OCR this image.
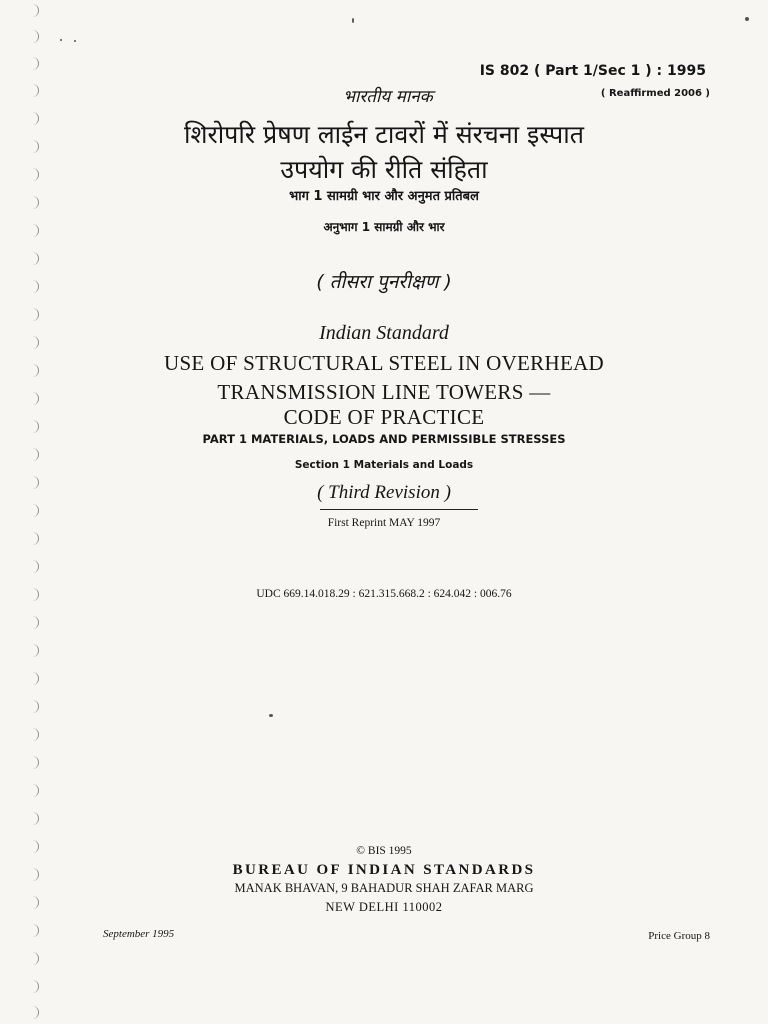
IS 802 ( Part 1/Sec 1 ) : 1995
( Reaffirmed 2006 )
भारतीय मानक
शिरोपरि प्रेषण लाईन टावरों में संरचना इस्पात
उपयोग की रीति संहिता
भाग 1 सामग्री भार और अनुमत प्रतिबल
अनुभाग 1 सामग्री और भार
( तीसरा पुनरीक्षण )
Indian Standard
USE OF STRUCTURAL STEEL IN OVERHEAD
TRANSMISSION LINE TOWERS —
CODE OF PRACTICE
PART 1 MATERIALS, LOADS AND PERMISSIBLE STRESSES
Section 1 Materials and Loads
( Third Revision )
First Reprint MAY 1997
UDC 669.14.018.29 : 621.315.668.2 : 624.042 : 006.76
© BIS 1995
BUREAU OF INDIAN STANDARDS
MANAK BHAVAN, 9 BAHADUR SHAH ZAFAR MARG
NEW DELHI 110002
September 1995	Price Group 8
